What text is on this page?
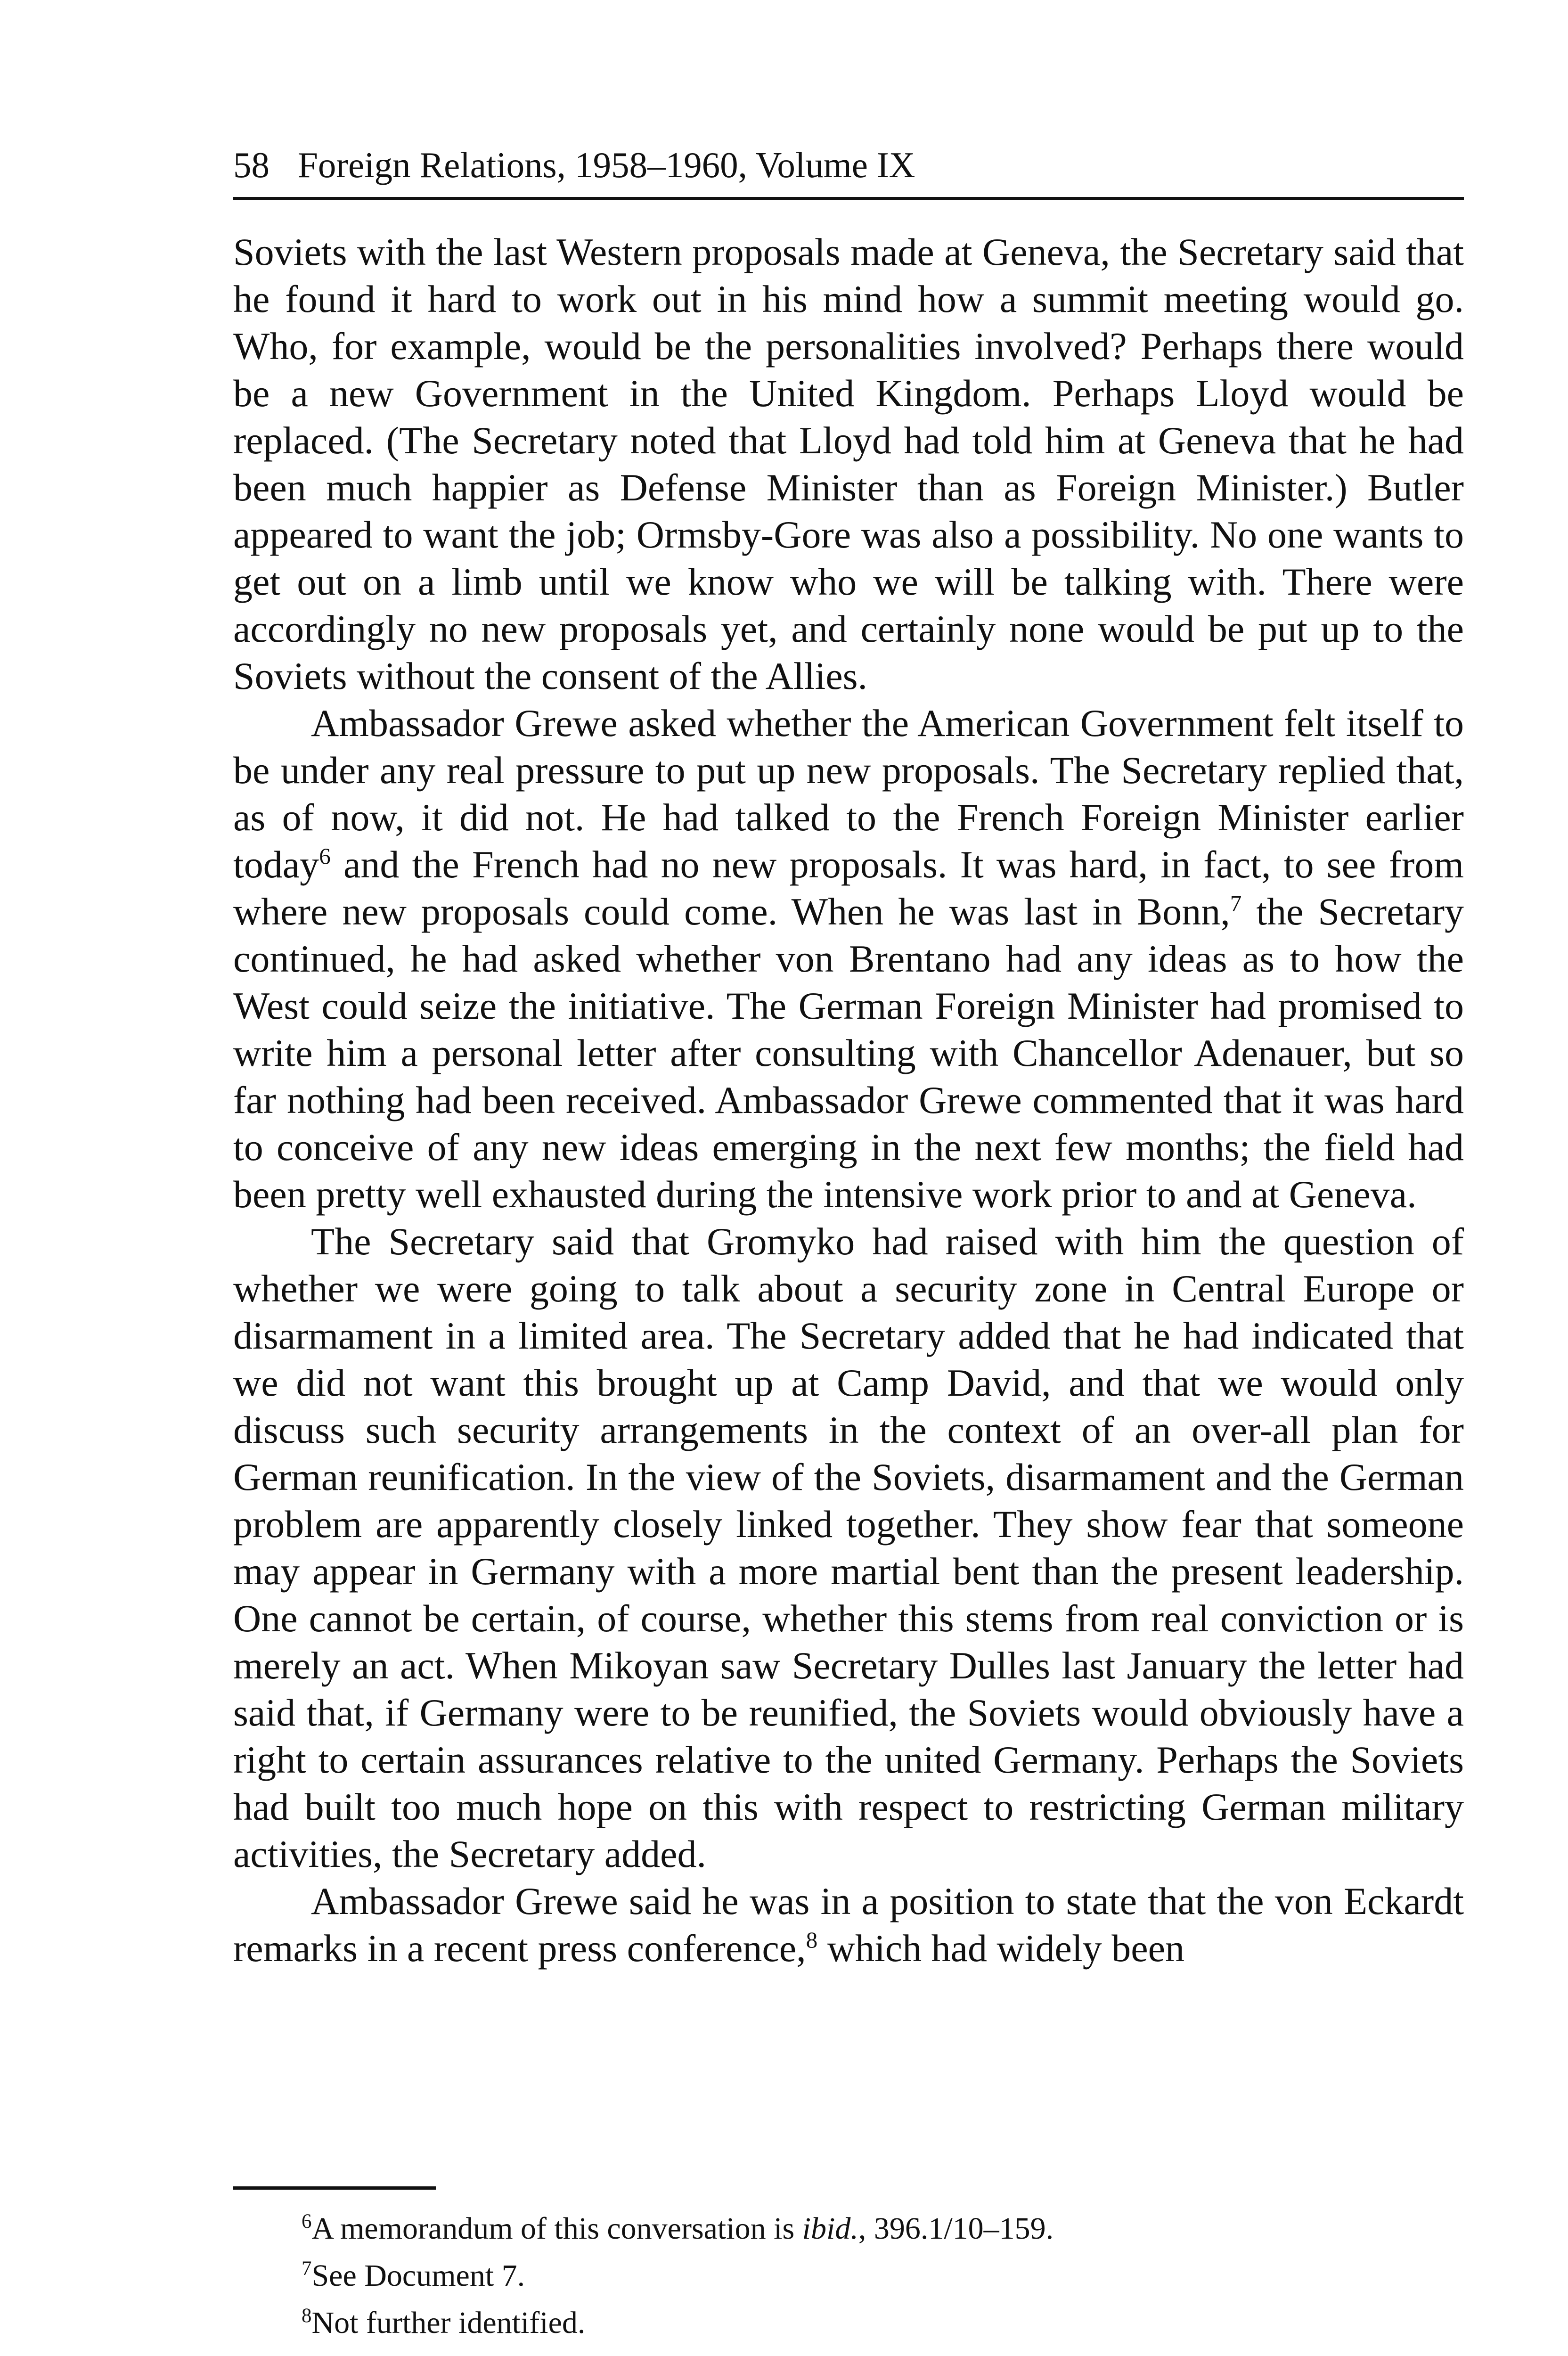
58 Foreign Relations, 1958–1960, Volume IX

Soviets with the last Western proposals made at Geneva, the Secretary said that he found it hard to work out in his mind how a summit meeting would go. Who, for example, would be the personalities involved? Perhaps there would be a new Government in the United Kingdom. Perhaps Lloyd would be replaced. (The Secretary noted that Lloyd had told him at Geneva that he had been much happier as Defense Minister than as Foreign Minister.) Butler appeared to want the job; Ormsby-Gore was also a possibility. No one wants to get out on a limb until we know who we will be talking with. There were accordingly no new proposals yet, and certainly none would be put up to the Soviets without the consent of the Allies.

Ambassador Grewe asked whether the American Government felt itself to be under any real pressure to put up new proposals. The Secretary replied that, as of now, it did not. He had talked to the French Foreign Minister earlier today$^6$ and the French had no new proposals. It was hard, in fact, to see from where new proposals could come. When he was last in Bonn,$^7$ the Secretary continued, he had asked whether von Brentano had any ideas as to how the West could seize the initiative. The German Foreign Minister had promised to write him a personal letter after consulting with Chancellor Adenauer, but so far nothing had been received. Ambassador Grewe commented that it was hard to conceive of any new ideas emerging in the next few months; the field had been pretty well exhausted during the intensive work prior to and at Geneva.

The Secretary said that Gromyko had raised with him the question of whether we were going to talk about a security zone in Central Europe or disarmament in a limited area. The Secretary added that he had indicated that we did not want this brought up at Camp David, and that we would only discuss such security arrangements in the context of an over-all plan for German reunification. In the view of the Soviets, disarmament and the German problem are apparently closely linked together. They show fear that someone may appear in Germany with a more martial bent than the present leadership. One cannot be certain, of course, whether this stems from real conviction or is merely an act. When Mikoyan saw Secretary Dulles last January the letter had said that, if Germany were to be reunified, the Soviets would obviously have a right to certain assurances relative to the united Germany. Perhaps the Soviets had built too much hope on this with respect to restricting German military activities, the Secretary added.

Ambassador Grewe said he was in a position to state that the von Eckardt remarks in a recent press conference,$^8$ which had widely been

$^6$A memorandum of this conversation is ibid., 396.1/10–159.

$^7$See Document 7.

$^8$Not further identified.
